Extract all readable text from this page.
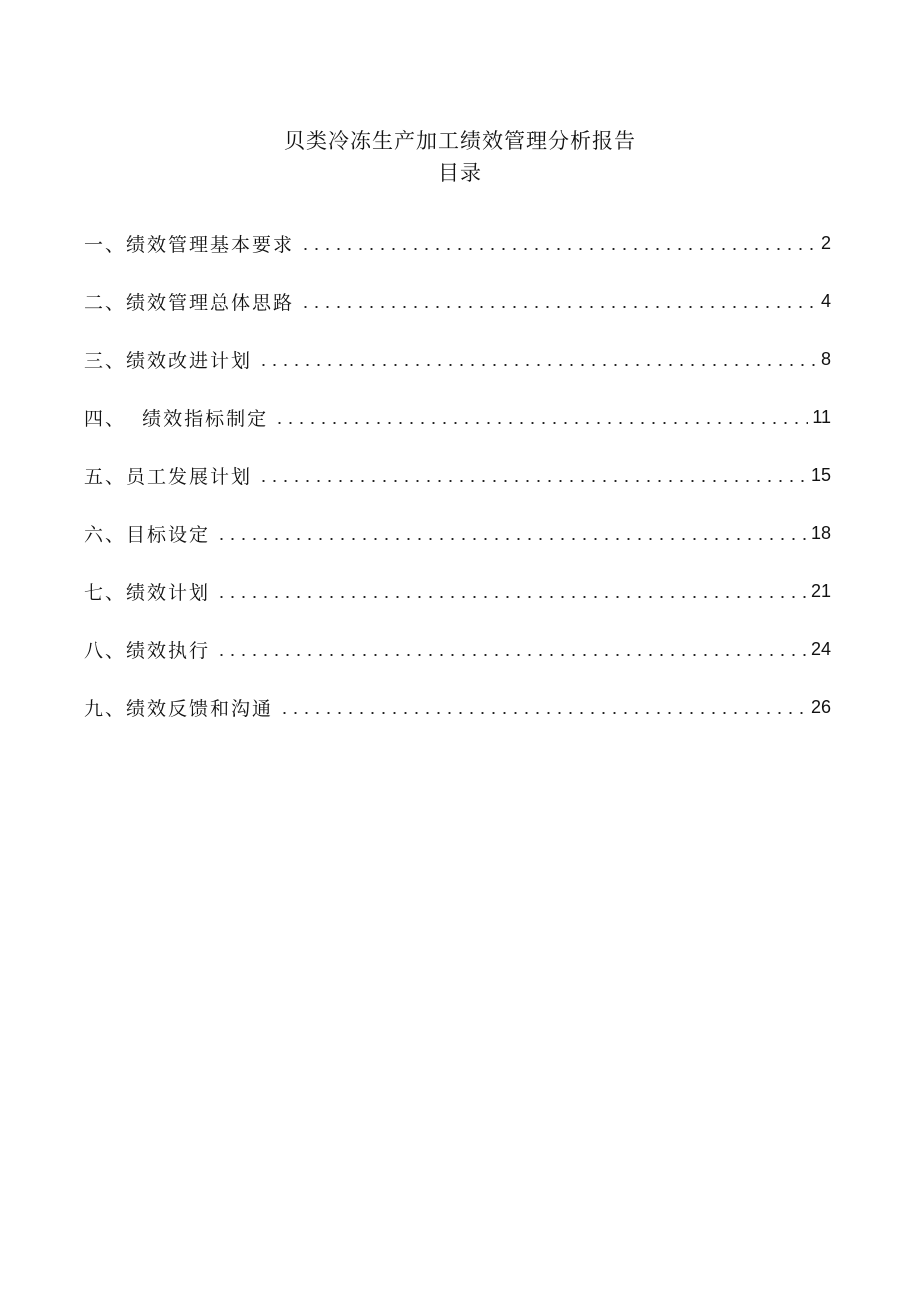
贝类冷冻生产加工绩效管理分析报告
目录
一、绩效管理基本要求	2
二、绩效管理总体思路	4
三、绩效改进计划	8
四、  绩效指标制定	11
五、员工发展计划	15
六、目标设定	18
七、绩效计划	21
八、绩效执行	24
九、绩效反馈和沟通	26
